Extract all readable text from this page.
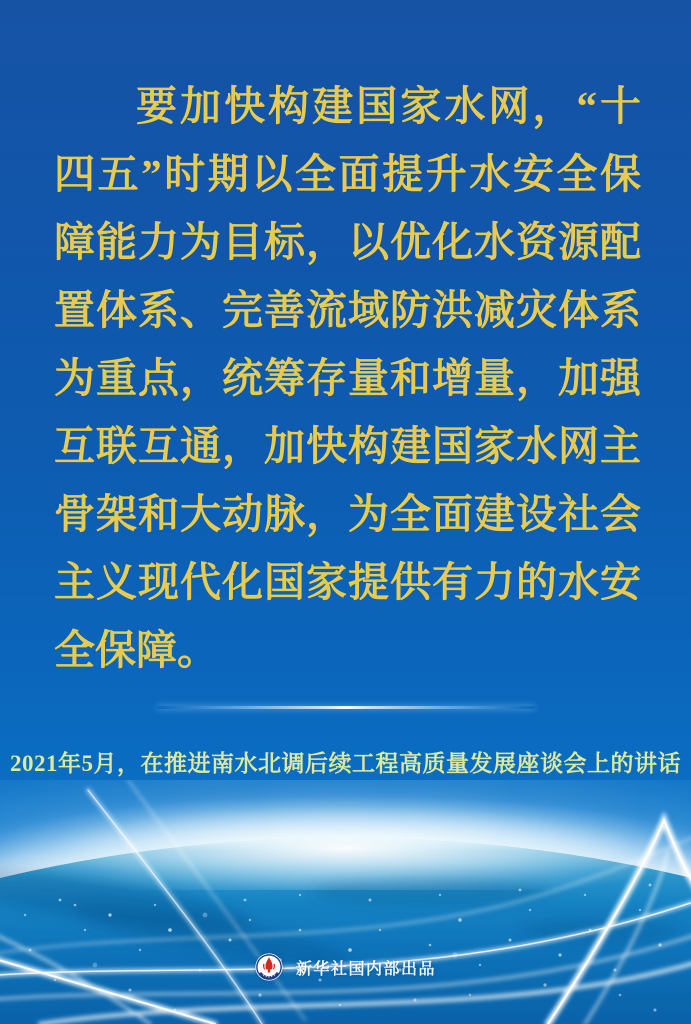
要加快构建国家水网，“十
四五”时期以全面提升水安全保
障能力为目标，以优化水资源配
置体系、完善流域防洪减灾体系
为重点，统筹存量和增量，加强
互联互通，加快构建国家水网主
骨架和大动脉，为全面建设社会
主义现代化国家提供有力的水安
全保障。
2021年5月，在推进南水北调后续工程高质量发展座谈会上的讲话
新华社国内部出品
